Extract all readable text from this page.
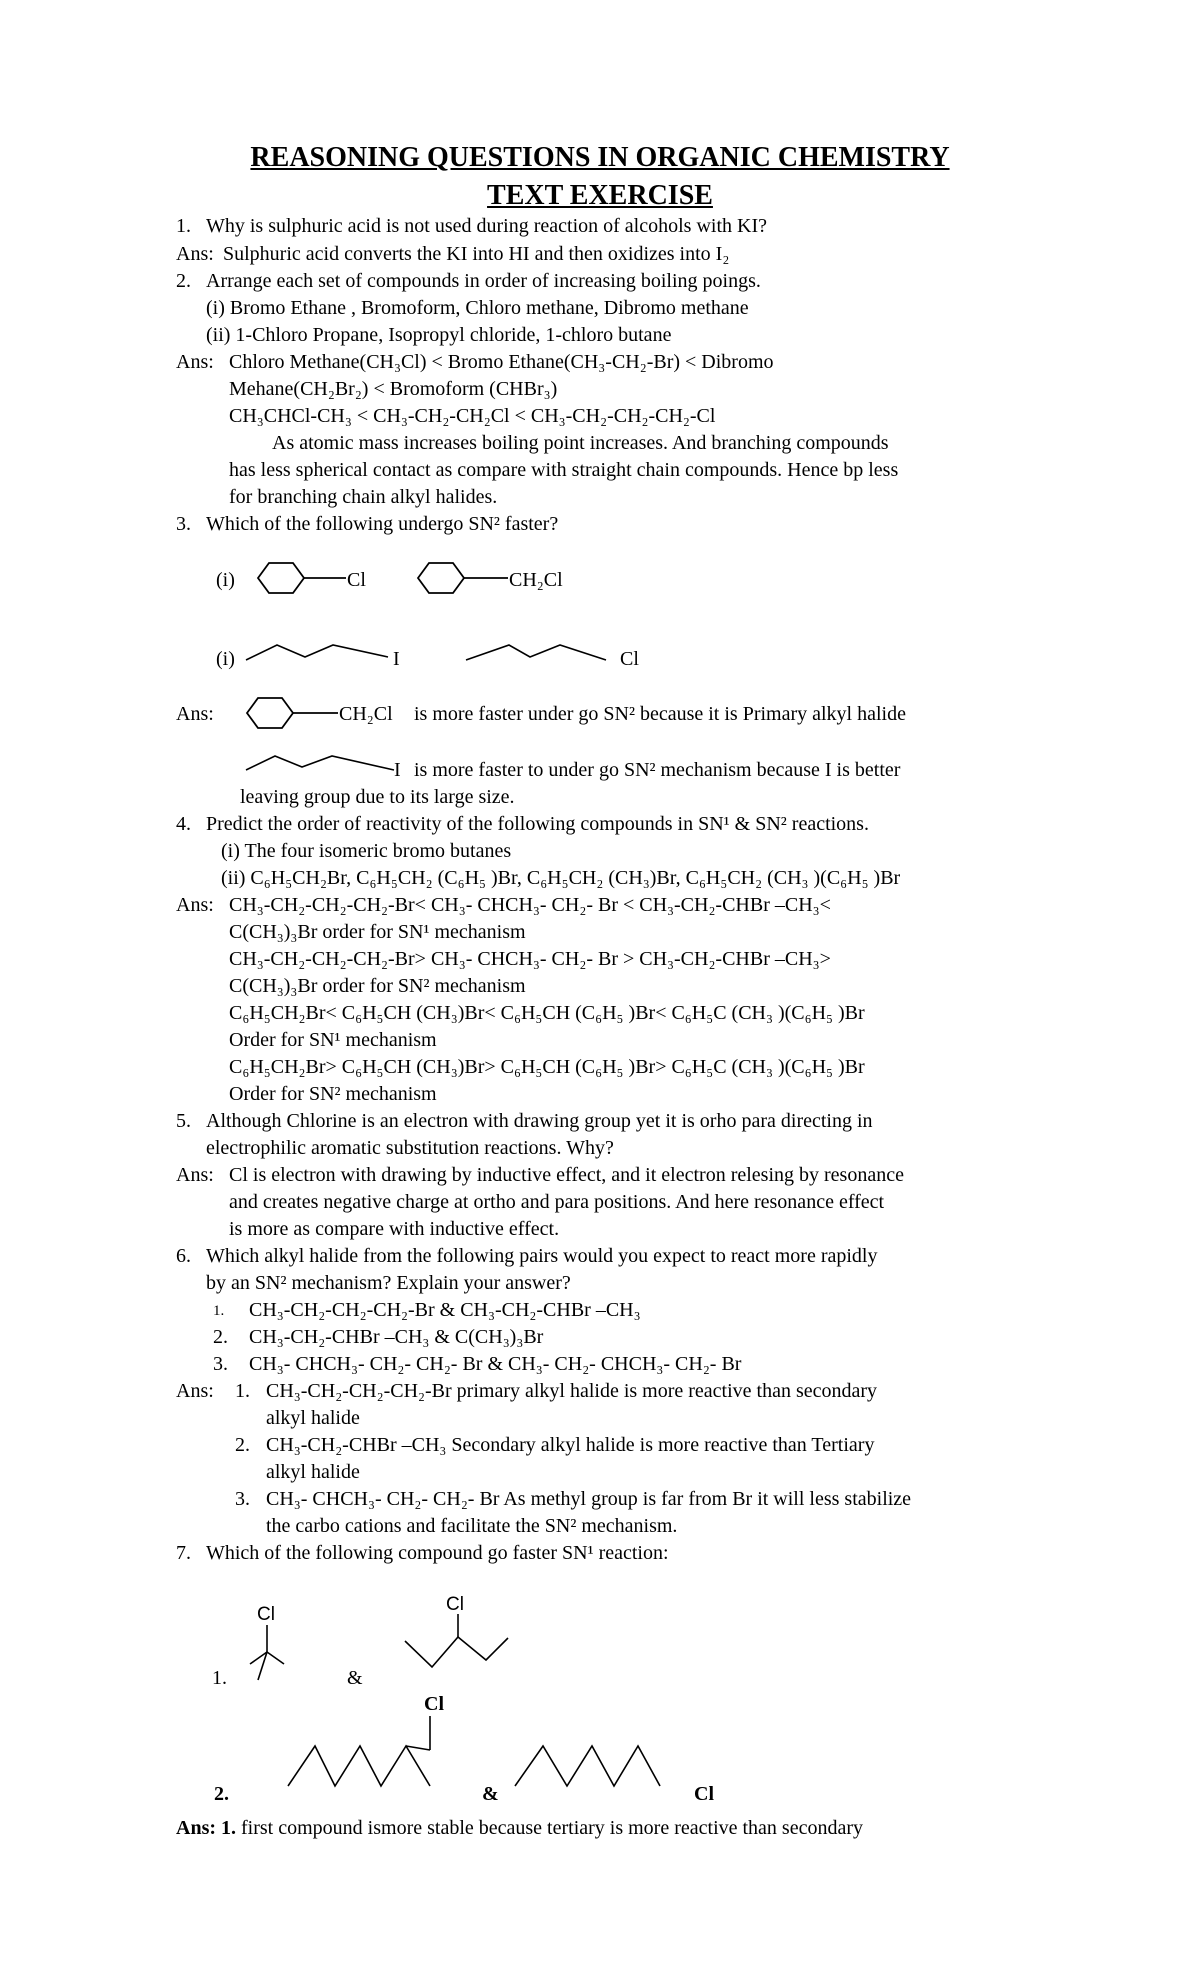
REASONING QUESTIONS IN ORGANIC CHEMISTRY
TEXT EXERCISE
1. Why is sulphuric acid is not used during reaction of alcohols with KI?
Ans: Sulphuric acid converts the KI into HI and then oxidizes into I₂
2. Arrange each set of compounds in order of increasing boiling poings.
(i) Bromo Ethane , Bromoform, Chloro methane, Dibromo methane
(ii) 1-Chloro Propane, Isopropyl chloride, 1-chloro butane
Ans: Chloro Methane(CH₃Cl) < Bromo Ethane(CH₃-CH₂-Br) < Dibromo
Mehane(CH₂Br₂) < Bromoform (CHBr₃)
CH₃CHCl-CH₃ < CH₃-CH₂-CH₂Cl < CH₃-CH₂-CH₂-CH₂-Cl
As atomic mass increases boiling point increases. And branching compounds
has less spherical contact as compare with straight chain compounds. Hence bp less
for branching chain alkyl halides.
3. Which of the following undergo SN² faster?
(i)	Cl	CH₂Cl
(i)	I	Cl
Ans:	CH₂Cl is more faster under go SN² because it is Primary alkyl halide
I is more faster to under go SN² mechanism because I is better
1.
Cl
&
Cl
Cl
2.	&	Cl
leaving group due to its large size.
4. Predict the order of reactivity of the following compounds in SN¹ & SN² reactions.
(i) The four isomeric bromo butanes
(ii) C₆H₅CH₂Br, C₆H₅CH₂ (C₆H₅ )Br, C₆H₅CH₂ (CH₃)Br, C₆H₅CH₂ (CH₃ )(C₆H₅ )Br
Ans: CH₃-CH₂-CH₂-CH₂-Br< CH₃- CHCH₃- CH₂- Br < CH₃-CH₂-CHBr –CH₃<
C(CH₃)₃Br order for SN¹ mechanism
CH₃-CH₂-CH₂-CH₂-Br> CH₃- CHCH₃- CH₂- Br > CH₃-CH₂-CHBr –CH₃>
C(CH₃)₃Br order for SN² mechanism
C₆H₅CH₂Br< C₆H₅CH (CH₃)Br< C₆H₅CH (C₆H₅ )Br< C₆H₅C (CH₃ )(C₆H₅ )Br
Order for SN¹ mechanism
C₆H₅CH₂Br> C₆H₅CH (CH₃)Br> C₆H₅CH (C₆H₅ )Br> C₆H₅C (CH₃ )(C₆H₅ )Br
Order for SN² mechanism
5. Although Chlorine is an electron with drawing group yet it is orho para directing in
electrophilic aromatic substitution reactions. Why?
Ans: Cl is electron with drawing by inductive effect, and it electron relesing by resonance
and creates negative charge at ortho and para positions. And here resonance effect
is more as compare with inductive effect.
6. Which alkyl halide from the following pairs would you expect to react more rapidly
by an SN² mechanism? Explain your answer?
1. CH₃-CH₂-CH₂-CH₂-Br & CH₃-CH₂-CHBr –CH₃
2. CH₃-CH₂-CHBr –CH₃ & C(CH₃)₃Br
3. CH₃- CHCH₃- CH₂- CH₂- Br & CH₃- CH₂- CHCH₃- CH₂- Br
Ans: 1. CH₃-CH₂-CH₂-CH₂-Br primary alkyl halide is more reactive than secondary
alkyl halide
2. CH₃-CH₂-CHBr –CH₃ Secondary alkyl halide is more reactive than Tertiary
alkyl halide
3. CH₃- CHCH₃- CH₂- CH₂- Br As methyl group is far from Br it will less stabilize
the carbo cations and facilitate the SN² mechanism.
7. Which of the following compound go faster SN¹ reaction:
Ans: 1. first compound ismore stable because tertiary is more reactive than secondary
